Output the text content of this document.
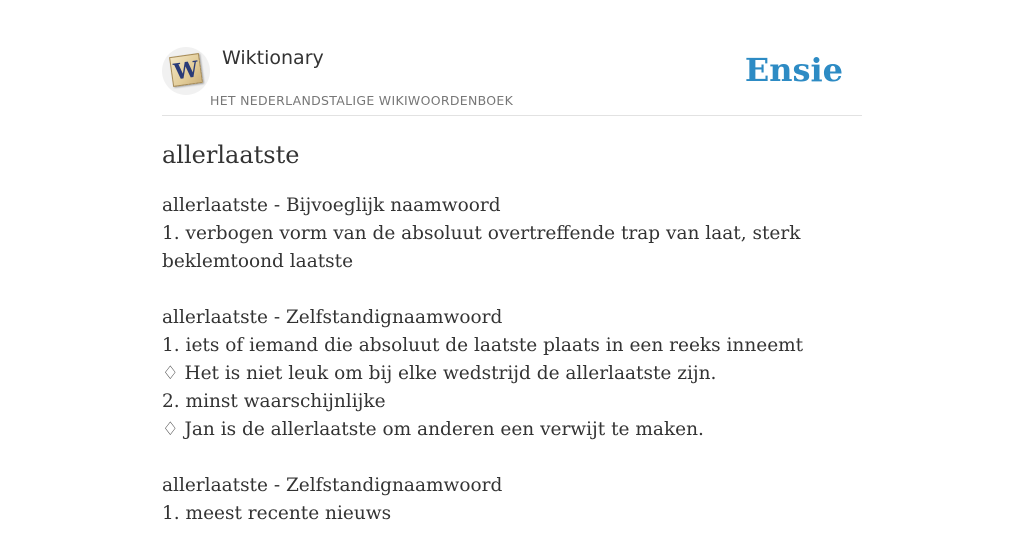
W Wiktionary
HET NEDERLANDSTALIGE WIKIWOORDENBOEK
Ensie
allerlaatste

allerlaatste - Bijvoeglijk naamwoord

1. verbogen vorm van de absoluut overtreffende trap van laat, sterk beklemtoond laatste

allerlaatste - Zelfstandignaamwoord

1. iets of iemand die absoluut de laatste plaats in een reeks inneemt

♢ Het is niet leuk om bij elke wedstrijd de allerlaatste zijn.

2. minst waarschijnlijke

♢ Jan is de allerlaatste om anderen een verwijt te maken.

allerlaatste - Zelfstandignaamwoord

1. meest recente nieuws
